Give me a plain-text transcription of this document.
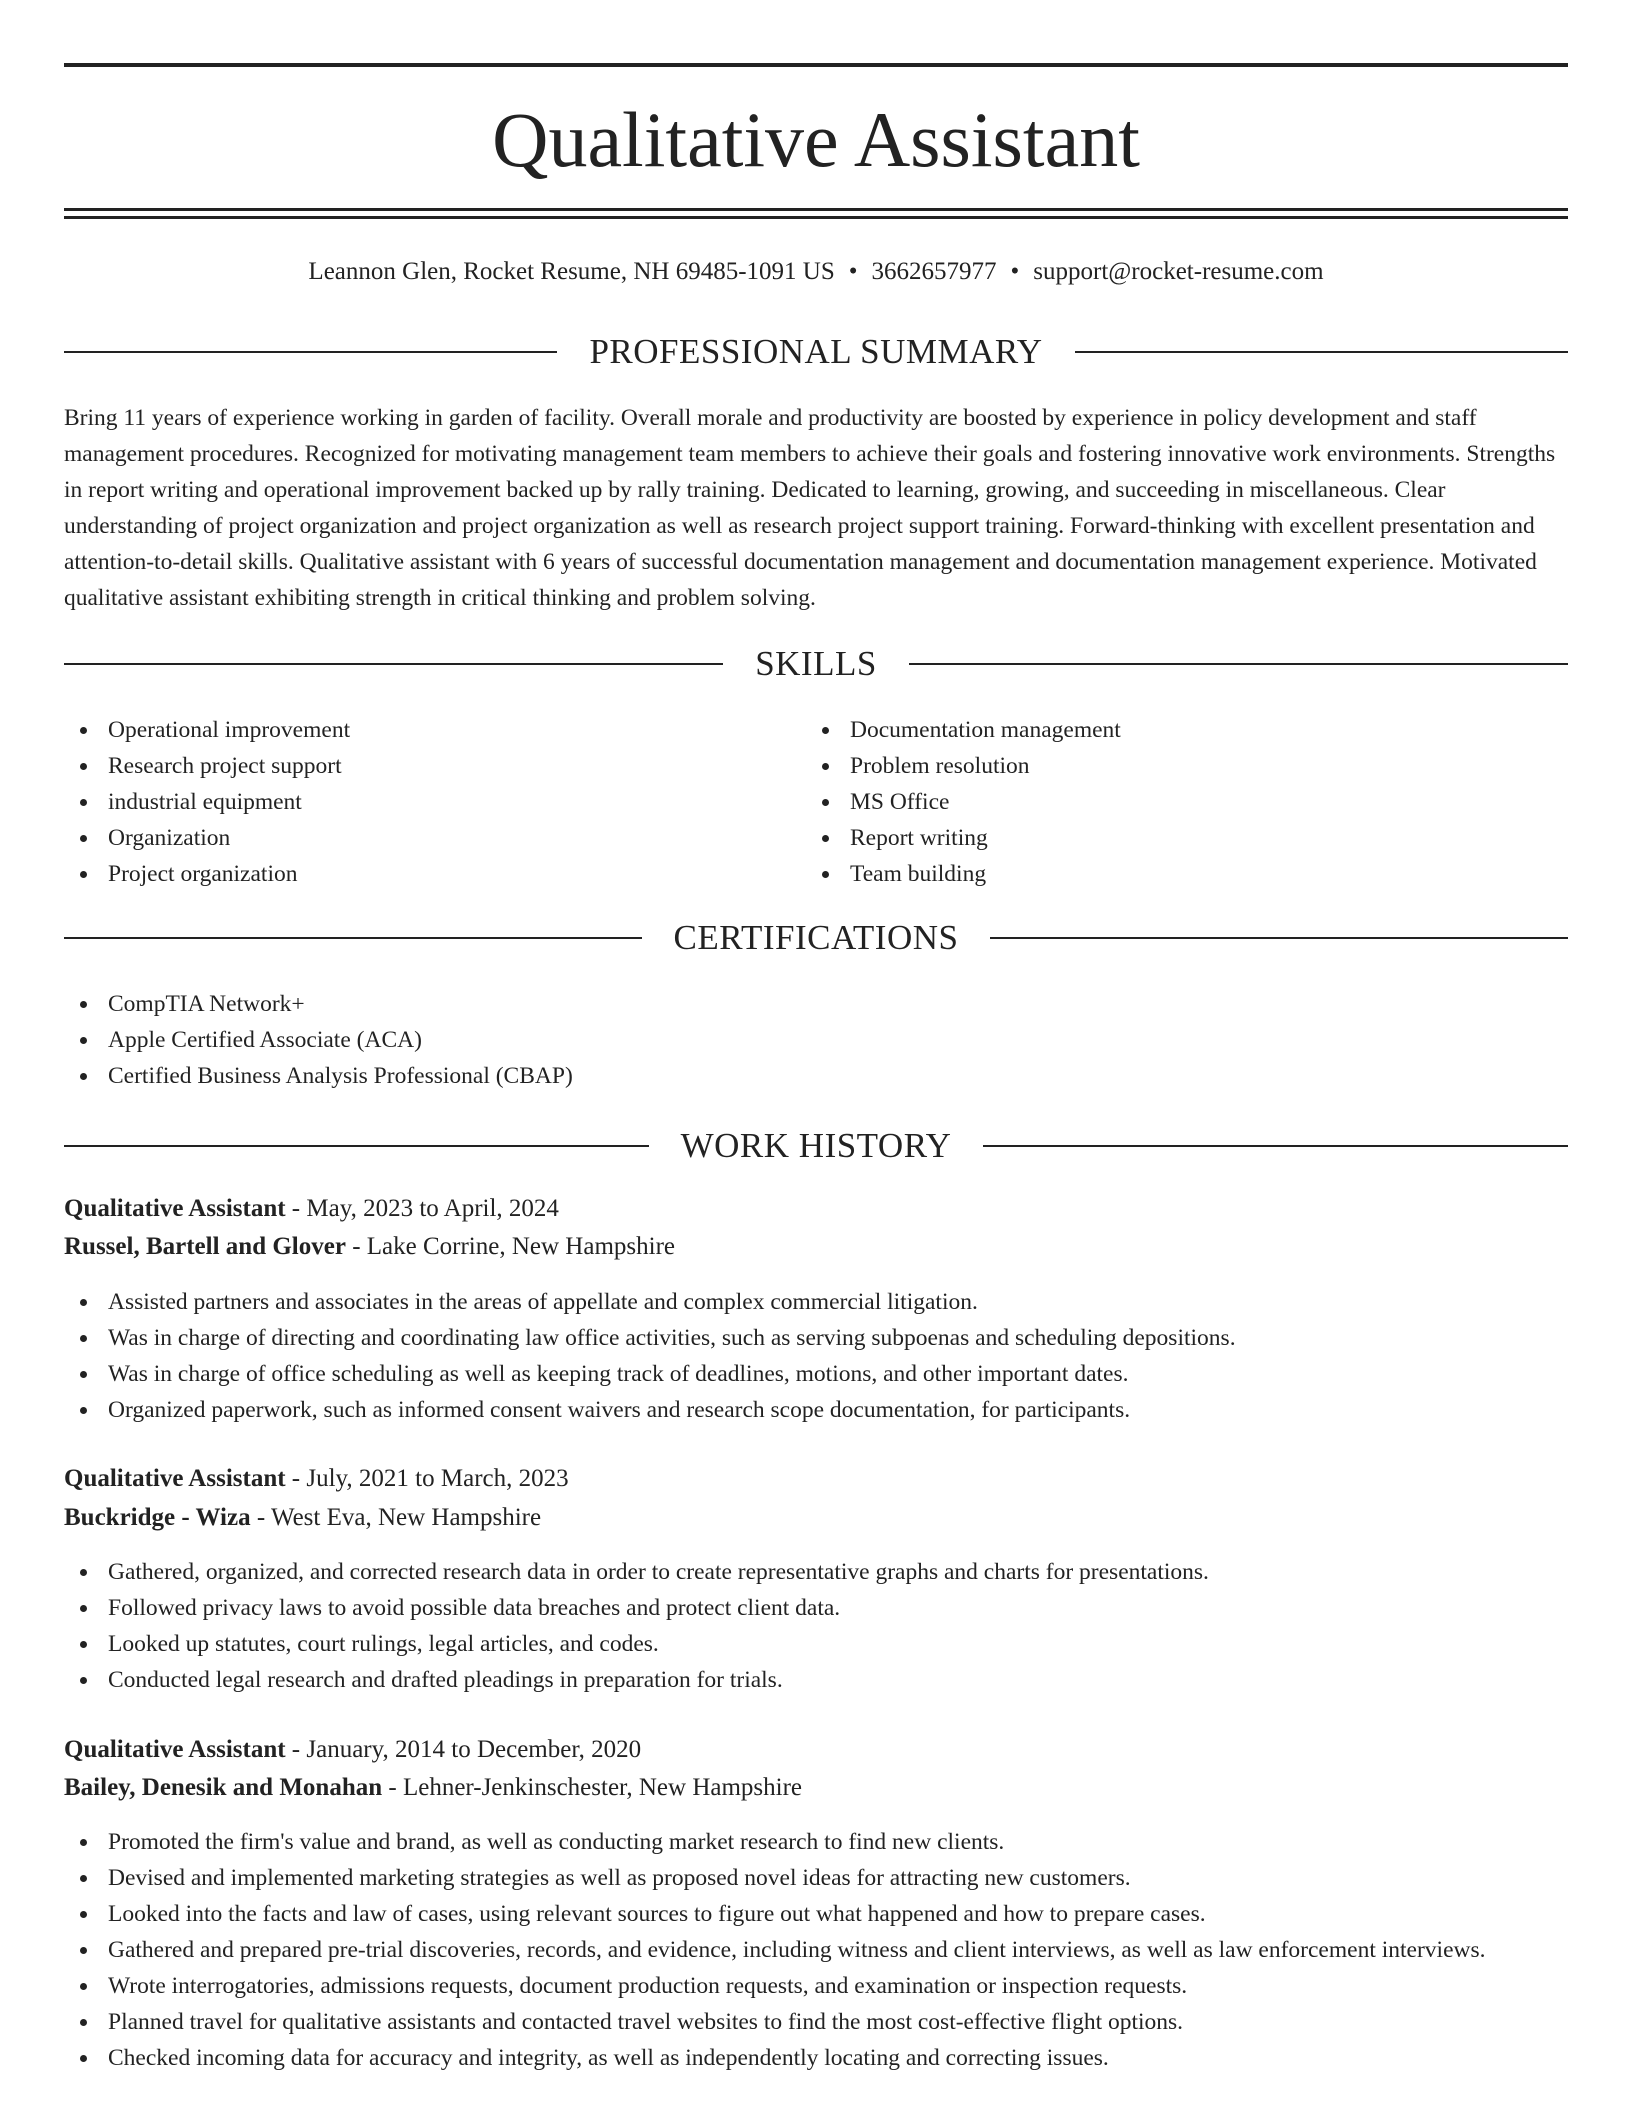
Qualitative Assistant
Leannon Glen, Rocket Resume, NH 69485-1091 US • 3662657977 • support@rocket-resume.com
PROFESSIONAL SUMMARY

Bring 11 years of experience working in garden of facility. Overall morale and productivity are boosted by experience in policy development and staff management procedures. Recognized for motivating management team members to achieve their goals and fostering innovative work environments. Strengths in report writing and operational improvement backed up by rally training. Dedicated to learning, growing, and succeeding in miscellaneous. Clear understanding of project organization and project organization as well as research project support training. Forward-thinking with excellent presentation and attention-to-detail skills. Qualitative assistant with 6 years of successful documentation management and documentation management experience. Motivated qualitative assistant exhibiting strength in critical thinking and problem solving.

SKILLS
Operational improvement
Research project support
industrial equipment
Organization
Project organization
Documentation management
Problem resolution
MS Office
Report writing
Team building
CERTIFICATIONS
CompTIA Network+
Apple Certified Associate (ACA)
Certified Business Analysis Professional (CBAP)
WORK HISTORY
Qualitative Assistant - May, 2023 to April, 2024
Russel, Bartell and Glover - Lake Corrine, New Hampshire
Assisted partners and associates in the areas of appellate and complex commercial litigation.
Was in charge of directing and coordinating law office activities, such as serving subpoenas and scheduling depositions.
Was in charge of office scheduling as well as keeping track of deadlines, motions, and other important dates.
Organized paperwork, such as informed consent waivers and research scope documentation, for participants.
Qualitative Assistant - July, 2021 to March, 2023
Buckridge - Wiza - West Eva, New Hampshire
Gathered, organized, and corrected research data in order to create representative graphs and charts for presentations.
Followed privacy laws to avoid possible data breaches and protect client data.
Looked up statutes, court rulings, legal articles, and codes.
Conducted legal research and drafted pleadings in preparation for trials.
Qualitative Assistant - January, 2014 to December, 2020
Bailey, Denesik and Monahan - Lehner-Jenkinschester, New Hampshire
Promoted the firm's value and brand, as well as conducting market research to find new clients.
Devised and implemented marketing strategies as well as proposed novel ideas for attracting new customers.
Looked into the facts and law of cases, using relevant sources to figure out what happened and how to prepare cases.
Gathered and prepared pre-trial discoveries, records, and evidence, including witness and client interviews, as well as law enforcement interviews.
Wrote interrogatories, admissions requests, document production requests, and examination or inspection requests.
Planned travel for qualitative assistants and contacted travel websites to find the most cost-effective flight options.
Checked incoming data for accuracy and integrity, as well as independently locating and correcting issues.
